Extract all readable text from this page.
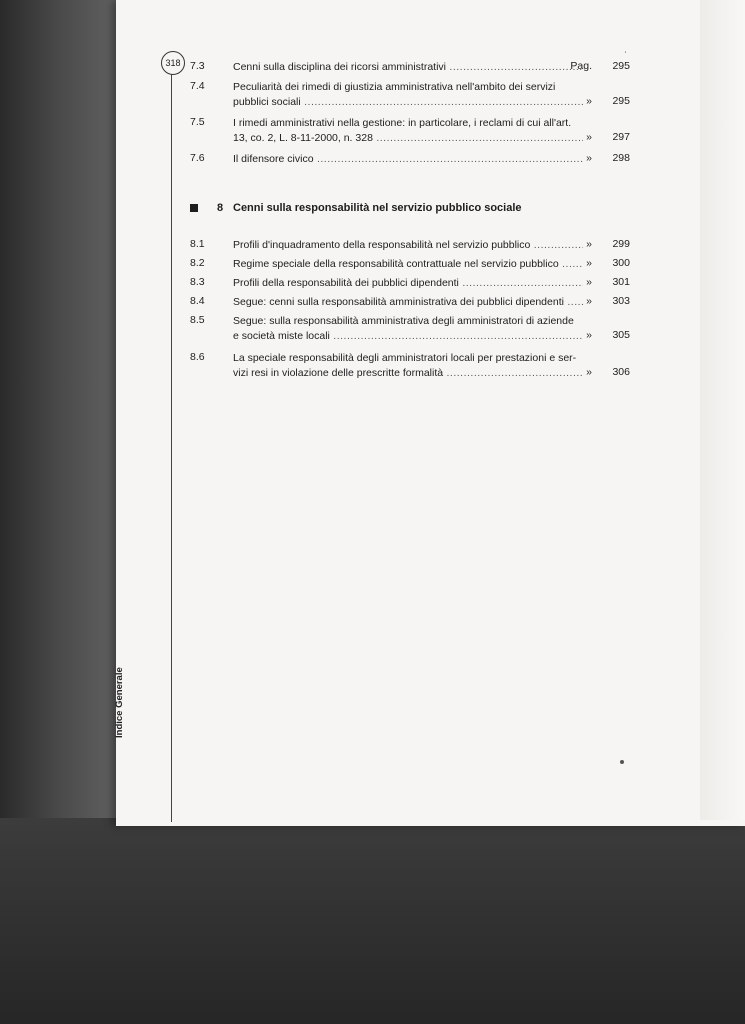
318
Indice Generale
ʾ
7.3	Cenni sulla disciplina dei ricorsi amministrativi .....	Pag.	295
7.4	Peculiarità dei rimedi di giustizia amministrativa nell'ambito dei servizi
pubblici sociali .....	»	295
7.5	I rimedi amministrativi nella gestione: in particolare, i reclami di cui all'art.
13, co. 2, L. 8-11-2000, n. 328 .....	»	297
7.6	Il difensore civico .....	»	298
8 Cenni sulla responsabilità nel servizio pubblico sociale
8.1	Profili d'inquadramento della responsabilità nel servizio pubblico .....	»	299
8.2	Regime speciale della responsabilità contrattuale nel servizio pubblico .....	»	300
8.3	Profili della responsabilità dei pubblici dipendenti .....	»	301
8.4	Segue: cenni sulla responsabilità amministrativa dei pubblici dipendenti .....	»	303
8.5	Segue: sulla responsabilità amministrativa degli amministratori di aziende
e società miste locali .....	»	305
8.6	La speciale responsabilità degli amministratori locali per prestazioni e ser-
vizi resi in violazione delle prescritte formalità .....	»	306
